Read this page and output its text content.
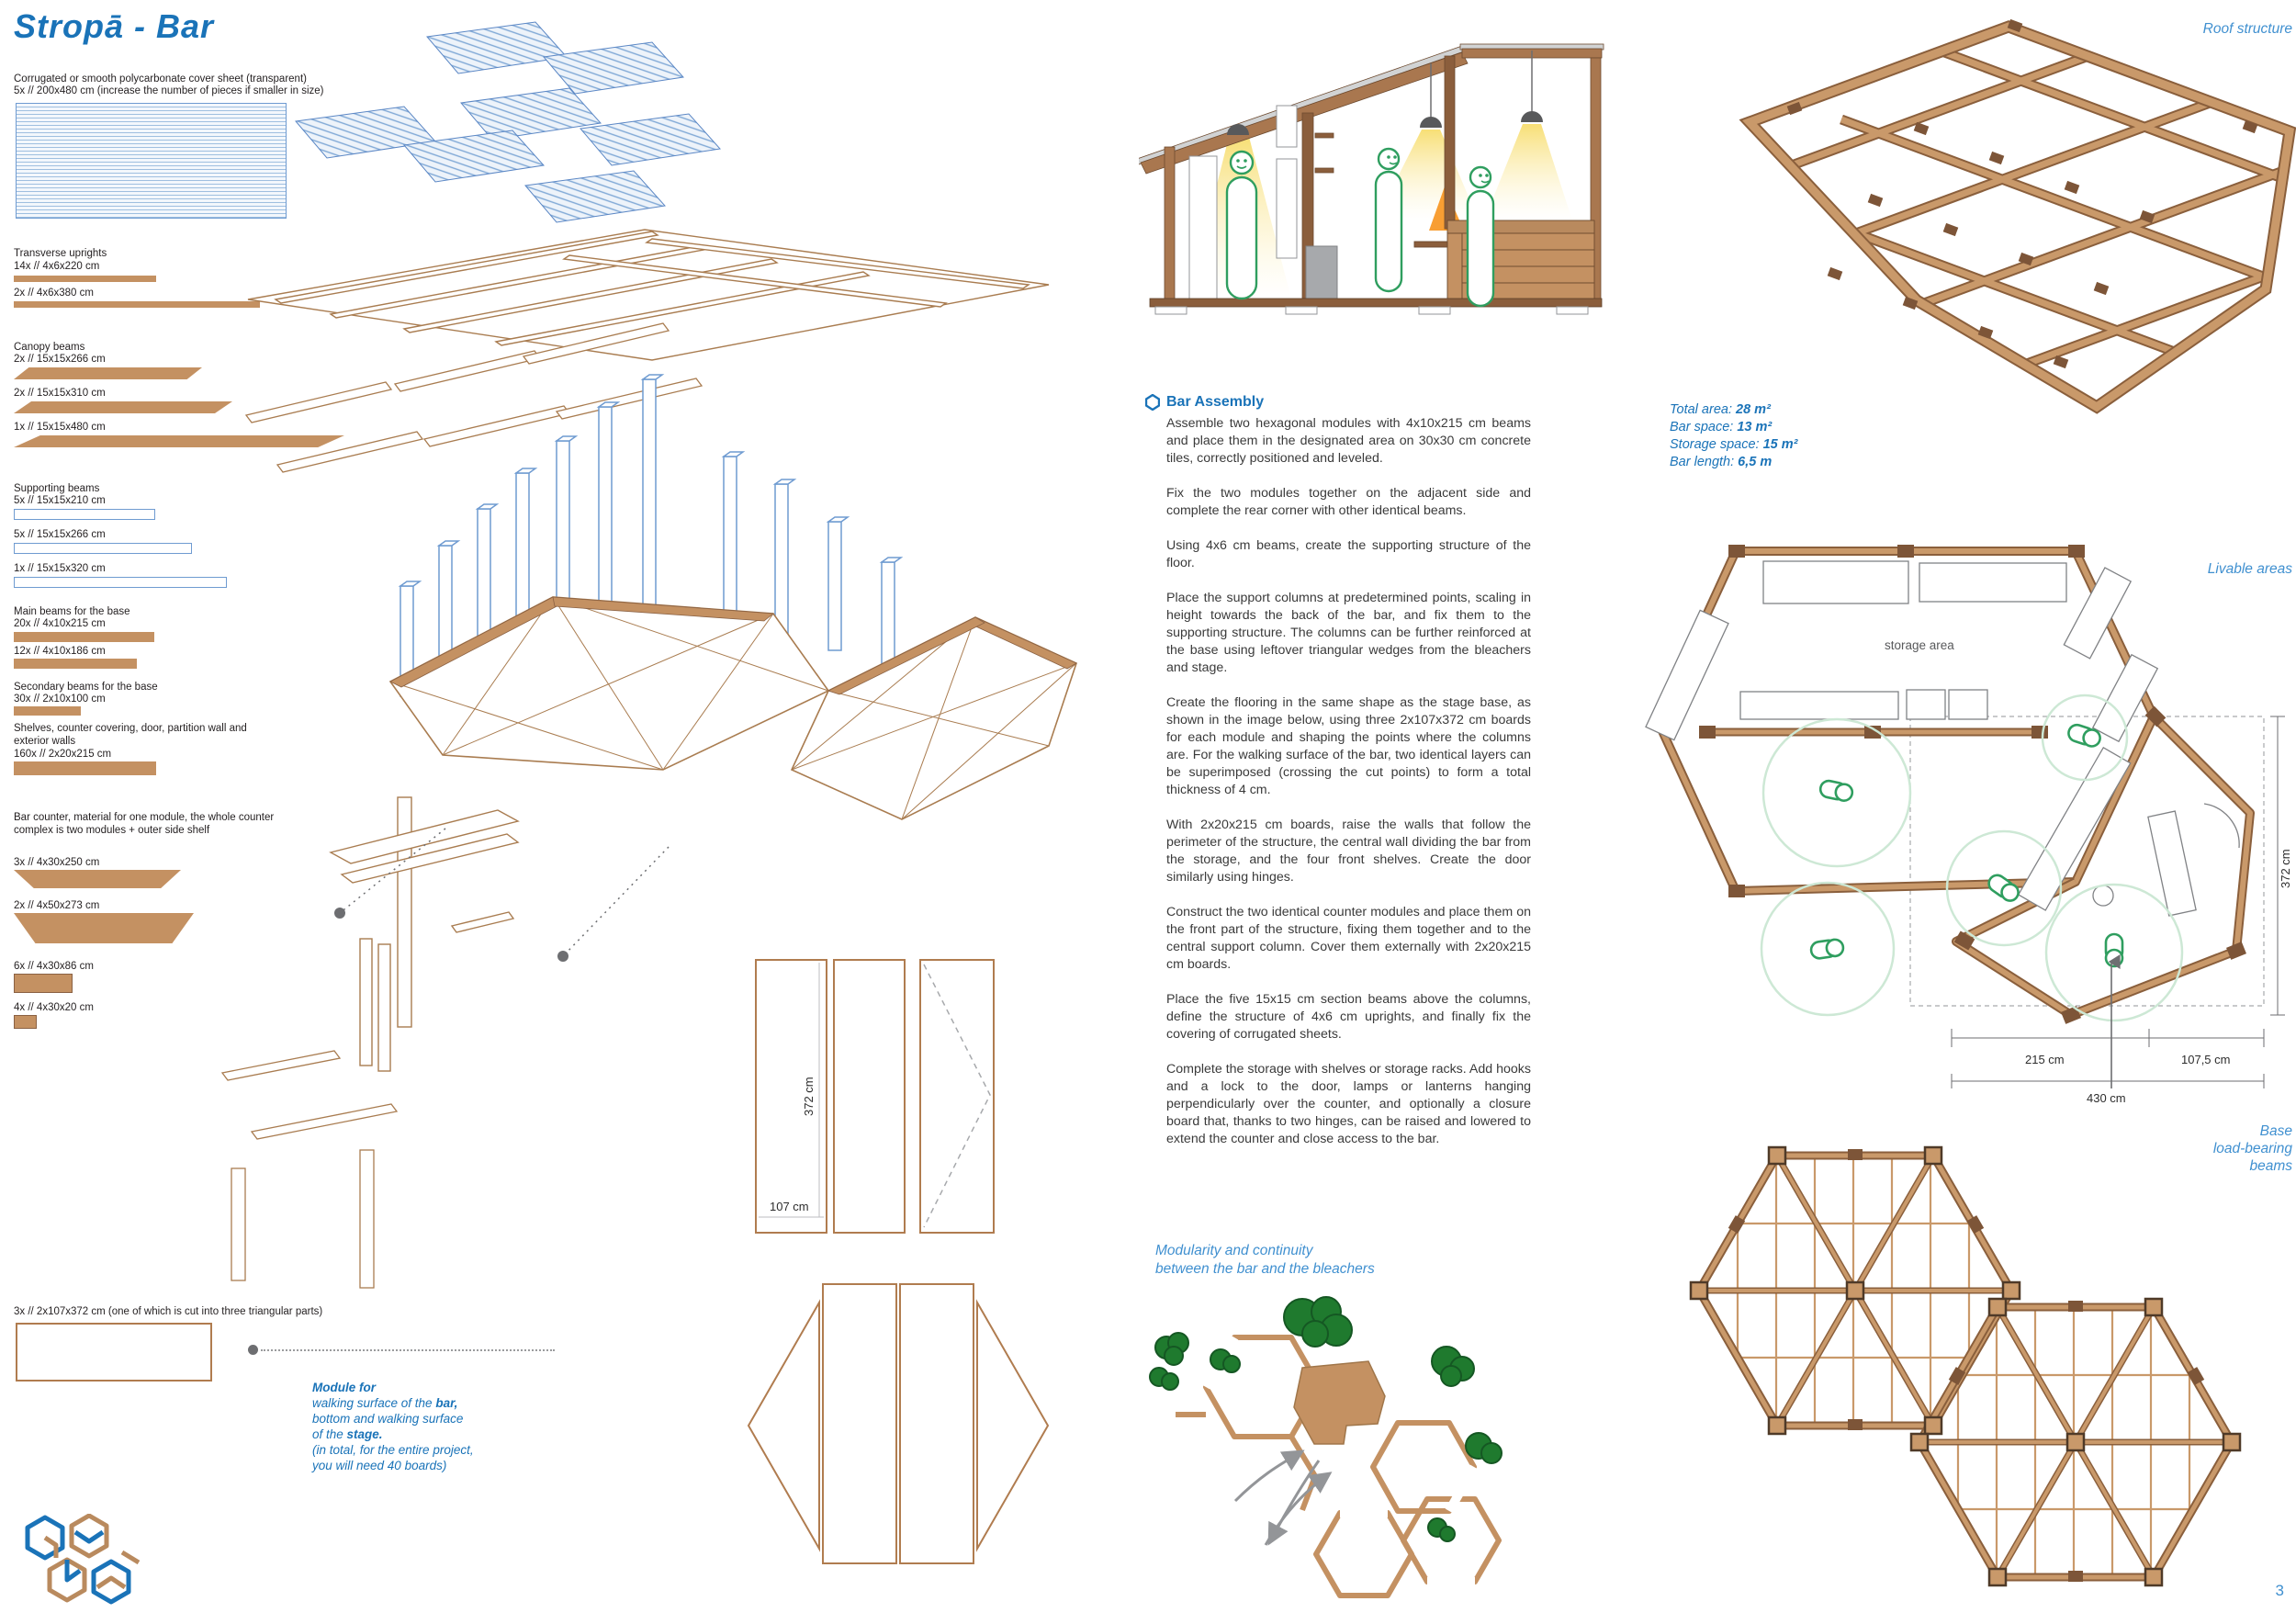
Stropā - Bar
Corrugated or smooth polycarbonate cover sheet (transparent)
5x // 200x480 cm (increase the number of pieces if smaller in size)
Transverse uprights
14x // 4x6x220 cm
2x // 4x6x380 cm
Canopy beams
2x // 15x15x266 cm
2x // 15x15x310 cm
1x // 15x15x480 cm
Supporting beams
5x // 15x15x210 cm
5x // 15x15x266 cm
1x // 15x15x320 cm
Main beams for the base
20x // 4x10x215 cm
12x // 4x10x186 cm
Secondary beams for the base
30x // 2x10x100 cm
Shelves, counter covering, door, partition wall and exterior walls
160x // 2x20x215 cm
Bar counter, material for one module, the whole counter complex is two modules + outer side shelf
3x // 4x30x250 cm
2x // 4x50x273 cm
6x // 4x30x86 cm
4x // 4x30x20 cm
3x // 2x107x372 cm (one of which is cut into three triangular parts)
Module for
walking surface of the bar,
bottom and walking surface
of the stage.
(in total, for the entire project,
you will need 40 boards)
372 cm
107 cm
Bar Assembly

Assemble two hexagonal modules with 4x10x215 cm beams and place them in the designated area on 30x30 cm concrete tiles, correctly positioned and leveled.

Fix the two modules together on the adjacent side and complete the rear corner with other identical beams.

Using 4x6 cm beams, create the supporting structure of the floor.

Place the support columns at predetermined points, scaling in height towards the back of the bar, and fix them to the supporting structure. The columns can be further reinforced at the base using leftover triangular wedges from the bleachers and stage.

Create the flooring in the same shape as the stage base, as shown in the image below, using three 2x107x372 cm boards for each module and shaping the points where the columns are. For the walking surface of the bar, two identical layers can be superimposed (crossing the cut points) to form a total thickness of 4 cm.

With 2x20x215 cm boards, raise the walls that follow the perimeter of the structure, the central wall dividing the bar from the storage, and the four front shelves. Create the door similarly using hinges.

Construct the two identical counter modules and place them on the front part of the structure, fixing them together and to the central support column. Cover them externally with 2x20x215 cm boards.

Place the five 15x15 cm section beams above the columns, define the structure of 4x6 cm uprights, and finally fix the covering of corrugated sheets.

Complete the storage with shelves or storage racks. Add hooks and a lock to the door, lamps or lanterns hanging perpendicularly over the counter, and optionally a closure board that, thanks to two hinges, can be raised and lowered to extend the counter and close access to the bar.

Modularity and continuity
between the bar and the bleachers
Roof structure
Total area: 28 m²
Bar space: 13 m²
Storage space: 15 m²
Bar length: 6,5 m
Livable areas
storage area
215 cm	107,5 cm
430 cm
372 cm
Base
load-bearing
beams
3
